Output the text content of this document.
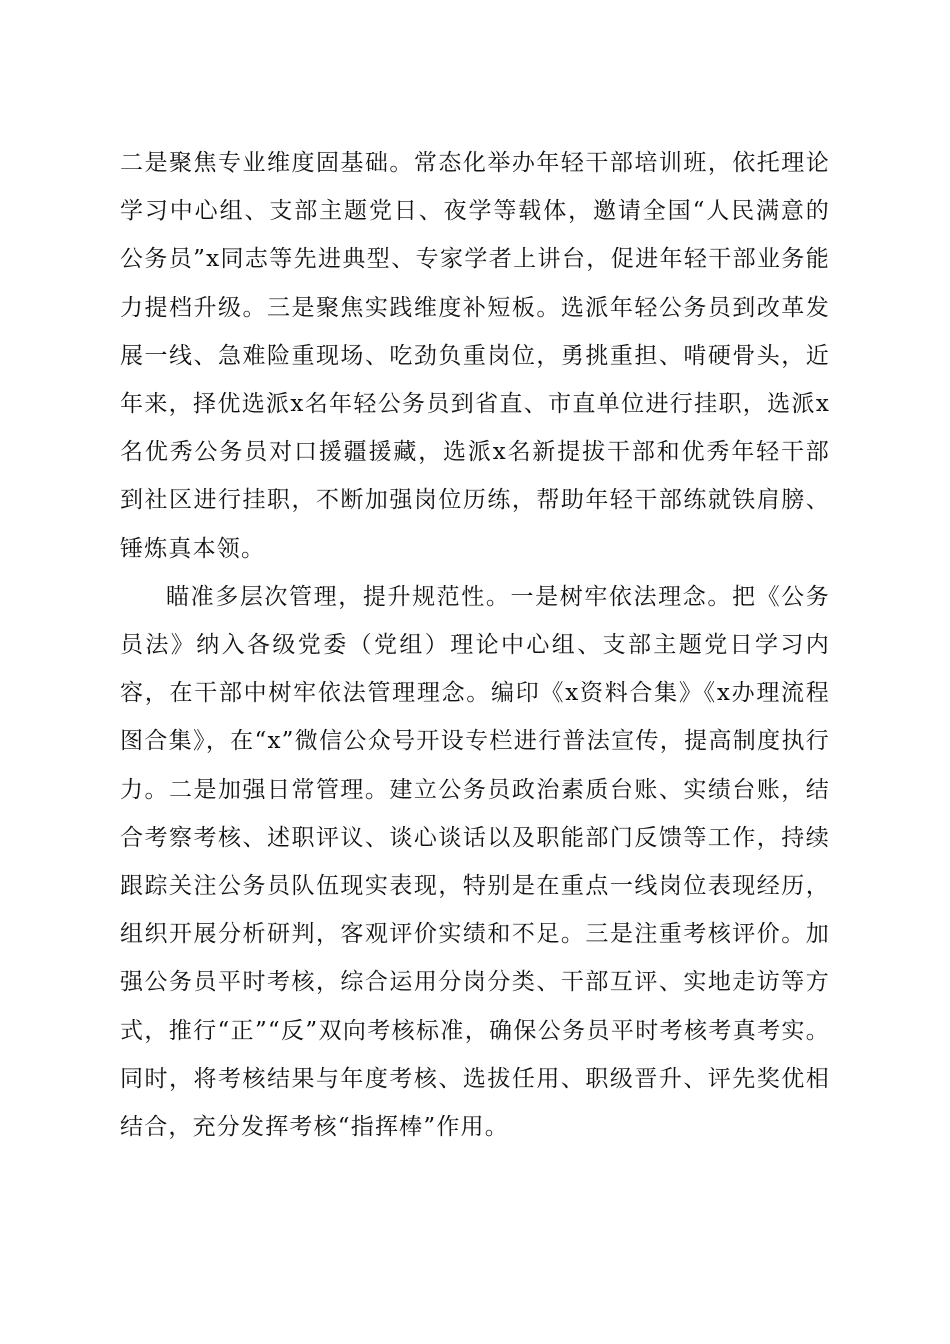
二是聚焦专业维度固基础。常态化举办年轻干部培训班，依托理论学习中心组、支部主题党日、夜学等载体，邀请全国“人民满意的公务员”x同志等先进典型、专家学者上讲台，促进年轻干部业务能力提档升级。三是聚焦实践维度补短板。选派年轻公务员到改革发展一线、急难险重现场、吃劲负重岗位，勇挑重担、啃硬骨头，近年来，择优选派x名年轻公务员到省直、市直单位进行挂职，选派x名优秀公务员对口援疆援藏，选派x名新提拔干部和优秀年轻干部到社区进行挂职，不断加强岗位历练，帮助年轻干部练就铁肩膀、锤炼真本领。

瞄准多层次管理，提升规范性。一是树牢依法理念。把《公务员法》纳入各级党委（党组）理论中心组、支部主题党日学习内容，在干部中树牢依法管理理念。编印《x资料合集》《x办理流程图合集》，在“x”微信公众号开设专栏进行普法宣传，提高制度执行力。二是加强日常管理。建立公务员政治素质台账、实绩台账，结合考察考核、述职评议、谈心谈话以及职能部门反馈等工作，持续跟踪关注公务员队伍现实表现，特别是在重点一线岗位表现经历，组织开展分析研判，客观评价实绩和不足。三是注重考核评价。加强公务员平时考核，综合运用分岗分类、干部互评、实地走访等方式，推行“正”“反”双向考核标准，确保公务员平时考核考真考实。同时，将考核结果与年度考核、选拔任用、职级晋升、评先奖优相结合，充分发挥考核“指挥棒”作用。
